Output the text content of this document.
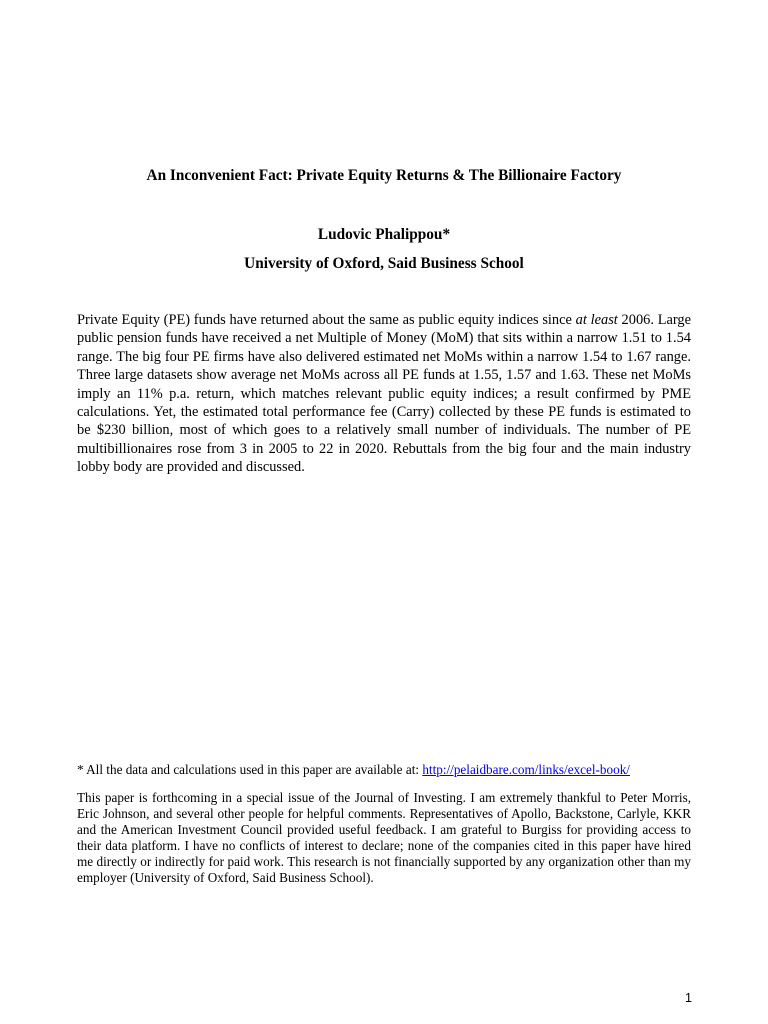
An Inconvenient Fact: Private Equity Returns & The Billionaire Factory
Ludovic Phalippou*
University of Oxford, Said Business School

Private Equity (PE) funds have returned about the same as public equity indices since at least 2006. Large public pension funds have received a net Multiple of Money (MoM) that sits within a narrow 1.51 to 1.54 range. The big four PE firms have also delivered estimated net MoMs within a narrow 1.54 to 1.67 range. Three large datasets show average net MoMs across all PE funds at 1.55, 1.57 and 1.63. These net MoMs imply an 11% p.a. return, which matches relevant public equity indices; a result confirmed by PME calculations. Yet, the estimated total performance fee (Carry) collected by these PE funds is estimated to be $230 billion, most of which goes to a relatively small number of individuals. The number of PE multibillionaires rose from 3 in 2005 to 22 in 2020. Rebuttals from the big four and the main industry lobby body are provided and discussed.

* All the data and calculations used in this paper are available at: http://pelaidbare.com/links/excel-book/

This paper is forthcoming in a special issue of the Journal of Investing. I am extremely thankful to Peter Morris, Eric Johnson, and several other people for helpful comments. Representatives of Apollo, Backstone, Carlyle, KKR and the American Investment Council provided useful feedback. I am grateful to Burgiss for providing access to their data platform. I have no conflicts of interest to declare; none of the companies cited in this paper have hired me directly or indirectly for paid work. This research is not financially supported by any organization other than my employer (University of Oxford, Said Business School).

1
